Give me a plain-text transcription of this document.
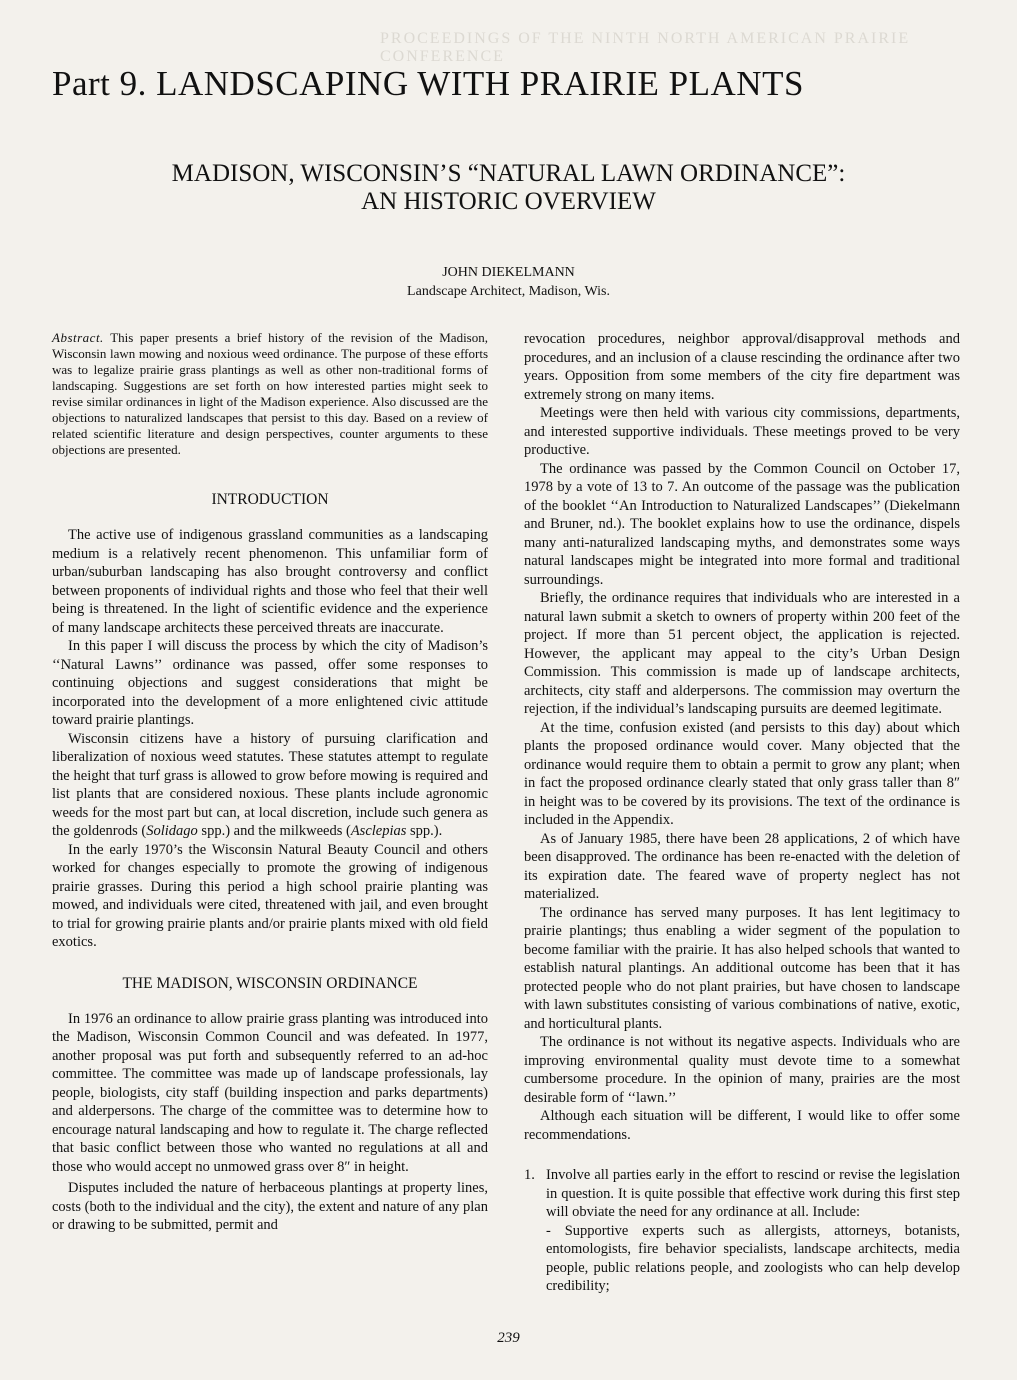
PROCEEDINGS OF THE NINTH NORTH AMERICAN PRAIRIE CONFERENCE
Part 9. LANDSCAPING WITH PRAIRIE PLANTS
MADISON, WISCONSIN’S “NATURAL LAWN ORDINANCE”:
AN HISTORIC OVERVIEW
JOHN DIEKELMANN
Landscape Architect, Madison, Wis.

Abstract. This paper presents a brief history of the revision of the Madison, Wisconsin lawn mowing and noxious weed ordinance. The purpose of these efforts was to legalize prairie grass plantings as well as other non-traditional forms of landscaping. Suggestions are set forth on how interested parties might seek to revise similar ordinances in light of the Madison experience. Also discussed are the objections to naturalized landscapes that persist to this day. Based on a review of related scientific literature and design perspectives, counter arguments to these objections are presented.

INTRODUCTION

The active use of indigenous grassland communities as a landscaping medium is a relatively recent phenomenon. This unfamiliar form of urban/suburban landscaping has also brought controversy and conflict between proponents of individual rights and those who feel that their well being is threatened. In the light of scientific evidence and the experience of many landscape architects these perceived threats are inaccurate.

In this paper I will discuss the process by which the city of Madison’s ‘‘Natural Lawns’’ ordinance was passed, offer some responses to continuing objections and suggest considerations that might be incorporated into the development of a more enlightened civic attitude toward prairie plantings.

Wisconsin citizens have a history of pursuing clarification and liberalization of noxious weed statutes. These statutes attempt to regulate the height that turf grass is allowed to grow before mowing is required and list plants that are considered noxious. These plants include agronomic weeds for the most part but can, at local discretion, include such genera as the goldenrods (Solidago spp.) and the milkweeds (Asclepias spp.).

In the early 1970’s the Wisconsin Natural Beauty Council and others worked for changes especially to promote the growing of indigenous prairie grasses. During this period a high school prairie planting was mowed, and individuals were cited, threatened with jail, and even brought to trial for growing prairie plants and/or prairie plants mixed with old field exotics.

THE MADISON, WISCONSIN ORDINANCE

In 1976 an ordinance to allow prairie grass planting was introduced into the Madison, Wisconsin Common Council and was defeated. In 1977, another proposal was put forth and subsequently referred to an ad-hoc committee. The committee was made up of landscape professionals, lay people, biologists, city staff (building inspection and parks departments) and alderpersons. The charge of the committee was to determine how to encourage natural landscaping and how to regulate it. The charge reflected that basic conflict between those who wanted no regulations at all and those who would accept no unmowed grass over 8″ in height.

Disputes included the nature of herbaceous plantings at property lines, costs (both to the individual and the city), the extent and nature of any plan or drawing to be submitted, permit and

revocation procedures, neighbor approval/disapproval methods and procedures, and an inclusion of a clause rescinding the ordinance after two years. Opposition from some members of the city fire department was extremely strong on many items.

Meetings were then held with various city commissions, departments, and interested supportive individuals. These meetings proved to be very productive.

The ordinance was passed by the Common Council on October 17, 1978 by a vote of 13 to 7. An outcome of the passage was the publication of the booklet ‘‘An Introduction to Naturalized Landscapes’’ (Diekelmann and Bruner, nd.). The booklet explains how to use the ordinance, dispels many anti-naturalized landscaping myths, and demonstrates some ways natural landscapes might be integrated into more formal and traditional surroundings.

Briefly, the ordinance requires that individuals who are interested in a natural lawn submit a sketch to owners of property within 200 feet of the project. If more than 51 percent object, the application is rejected. However, the applicant may appeal to the city’s Urban Design Commission. This commission is made up of landscape architects, architects, city staff and alderpersons. The commission may overturn the rejection, if the individual’s landscaping pursuits are deemed legitimate.

At the time, confusion existed (and persists to this day) about which plants the proposed ordinance would cover. Many objected that the ordinance would require them to obtain a permit to grow any plant; when in fact the proposed ordinance clearly stated that only grass taller than 8″ in height was to be covered by its provisions. The text of the ordinance is included in the Appendix.

As of January 1985, there have been 28 applications, 2 of which have been disapproved. The ordinance has been re-enacted with the deletion of its expiration date. The feared wave of property neglect has not materialized.

The ordinance has served many purposes. It has lent legitimacy to prairie plantings; thus enabling a wider segment of the population to become familiar with the prairie. It has also helped schools that wanted to establish natural plantings. An additional outcome has been that it has protected people who do not plant prairies, but have chosen to landscape with lawn substitutes consisting of various combinations of native, exotic, and horticultural plants.

The ordinance is not without its negative aspects. Individuals who are improving environmental quality must devote time to a somewhat cumbersome procedure. In the opinion of many, prairies are the most desirable form of ‘‘lawn.’’

Although each situation will be different, I would like to offer some recommendations.

1. Involve all parties early in the effort to rescind or revise the legislation in question. It is quite possible that effective work during this first step will obviate the need for any ordinance at all. Include:

- Supportive experts such as allergists, attorneys, botanists, entomologists, fire behavior specialists, landscape architects, media people, public relations people, and zoologists who can help develop credibility;

239
